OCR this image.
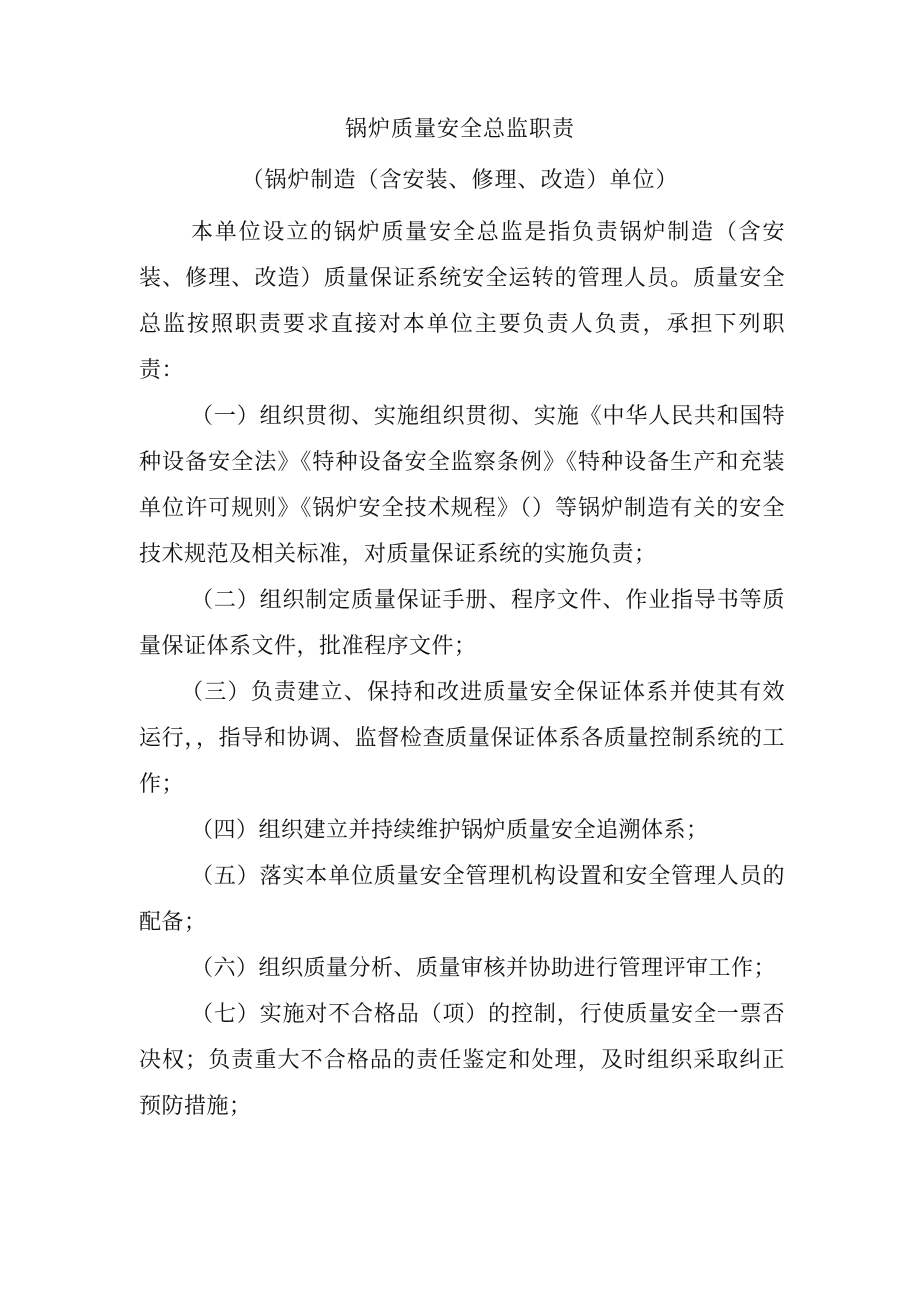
锅炉质量安全总监职责
（锅炉制造（含安装、修理、改造）单位）

本单位设立的锅炉质量安全总监是指负责锅炉制造（含安装、修理、改造）质量保证系统安全运转的管理人员。质量安全总监按照职责要求直接对本单位主要负责人负责，承担下列职责：

（一）组织贯彻、实施组织贯彻、实施《中华人民共和国特种设备安全法》《特种设备安全监察条例》《特种设备生产和充装单位许可规则》《锅炉安全技术规程》（）等锅炉制造有关的安全技术规范及相关标准，对质量保证系统的实施负责；

（二）组织制定质量保证手册、程序文件、作业指导书等质量保证体系文件，批准程序文件；

（三）负责建立、保持和改进质量安全保证体系并使其有效运行，，指导和协调、监督检查质量保证体系各质量控制系统的工作；

（四）组织建立并持续维护锅炉质量安全追溯体系；

（五）落实本单位质量安全管理机构设置和安全管理人员的配备；

（六）组织质量分析、质量审核并协助进行管理评审工作；

（七）实施对不合格品（项）的控制，行使质量安全一票否决权；负责重大不合格品的责任鉴定和处理，及时组织采取纠正预防措施；
